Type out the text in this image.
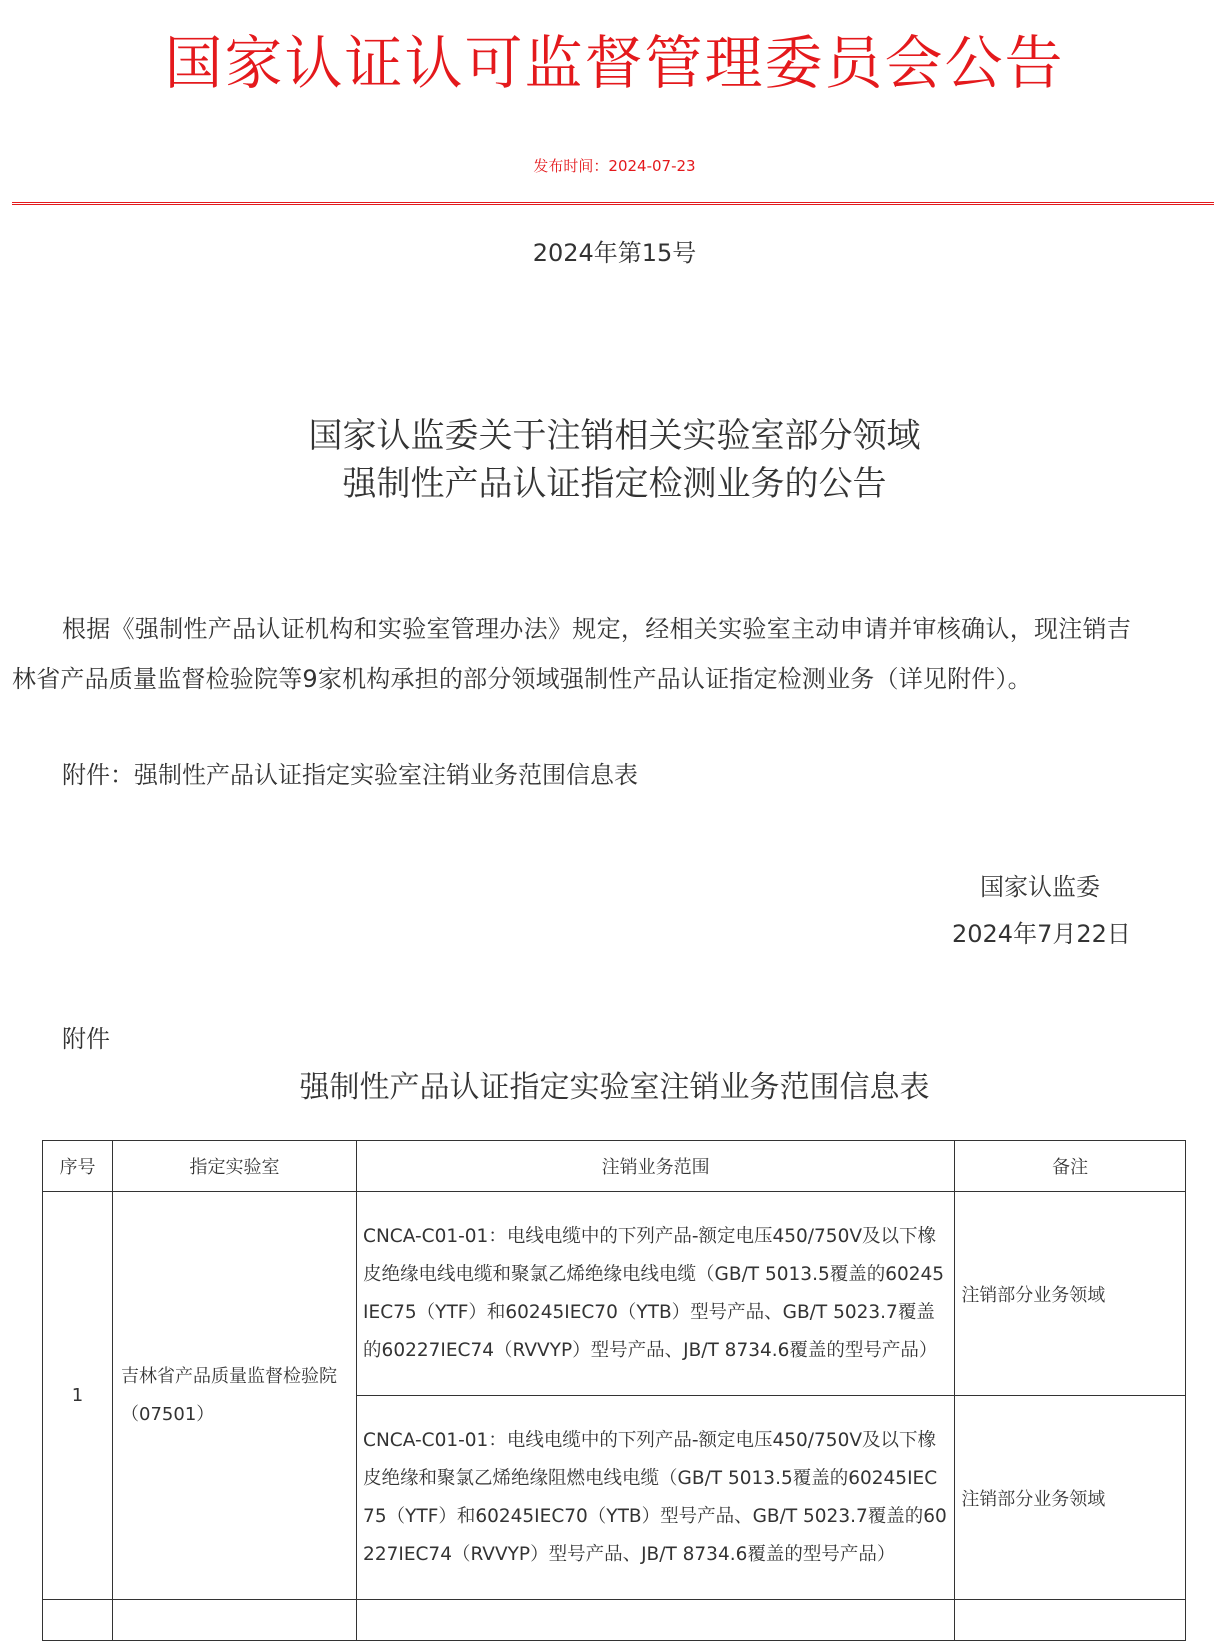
国家认证认可监督管理委员会公告
发布时间：2024-07-23
2024年第15号
国家认监委关于注销相关实验室部分领域
强制性产品认证指定检测业务的公告
根据《强制性产品认证机构和实验室管理办法》规定，经相关实验室主动申请并审核确认，现注销吉
林省产品质量监督检验院等9家机构承担的部分领域强制性产品认证指定检测业务（详见附件）。
附件：强制性产品认证指定实验室注销业务范围信息表
国家认监委
2024年7月22日
附件
强制性产品认证指定实验室注销业务范围信息表
序号	指定实验室	注销业务范围	备注
1	吉林省产品质量监督检验院（07501）	CNCA-C01-01：电线电缆中的下列产品-额定电压450/750V及以下橡皮绝缘电线电缆和聚氯乙烯绝缘电线电缆（GB/T 5013.5覆盖的60245IEC75（YTF）和60245IEC70（YTB）型号产品、GB/T 5023.7覆盖的60227IEC74（RVVYP）型号产品、JB/T 8734.6覆盖的型号产品）	注销部分业务领域
		CNCA-C01-01：电线电缆中的下列产品-额定电压450/750V及以下橡皮绝缘和聚氯乙烯绝缘阻燃电线电缆（GB/T 5013.5覆盖的60245IEC75（YTF）和60245IEC70（YTB）型号产品、GB/T 5023.7覆盖的60227IEC74（RVVYP）型号产品、JB/T 8734.6覆盖的型号产品）	注销部分业务领域
